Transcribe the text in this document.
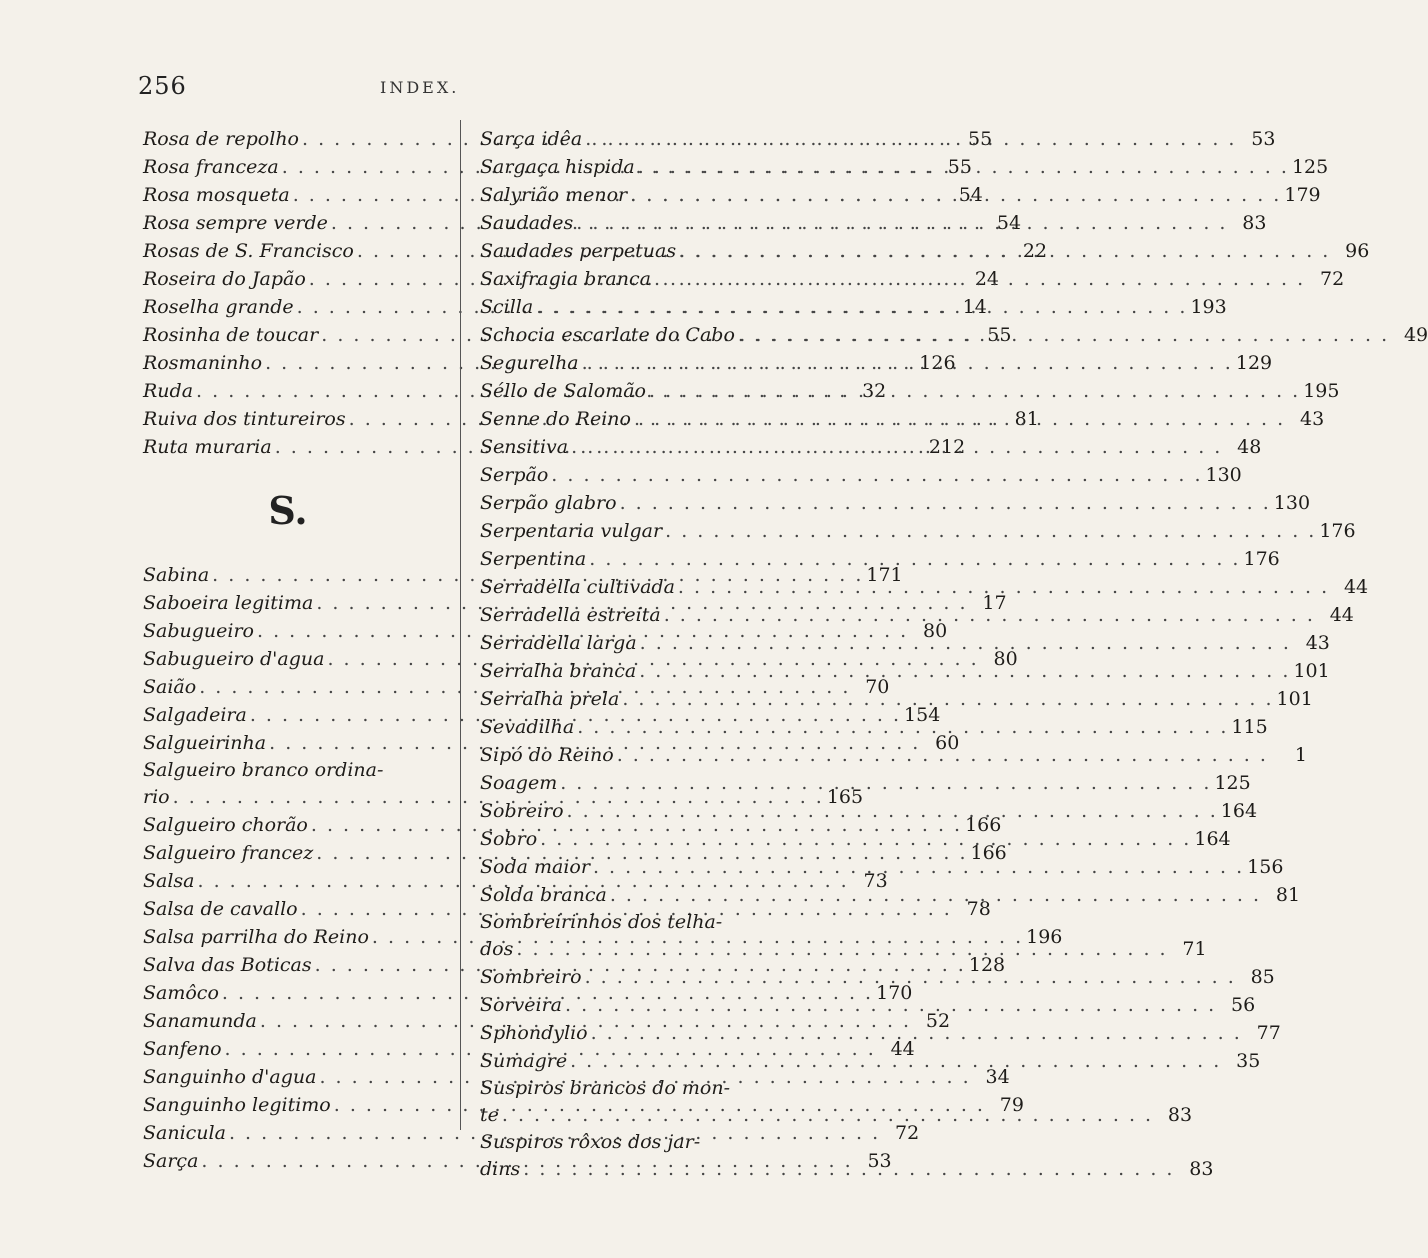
256	INDEX.
Rosa de repolho . . .	55
Rosa franceza . . .	55
Rosa mosqueta . . .	54
Rosa sempre verde . . .	54
Rosas de S. Francisco . . .	22
Roseira do Japão . . .	24
Roselha grande . . .	14
Rosinha de toucar . . .	55
Rosmaninho . . .	126
Ruda . . .	32
Ruiva dos tintureiros . . .	81
Ruta muraria . . .	212
S.
Sabina . . .	171
Saboeira legitima . . .	17
Sabugueiro . . .	80
Sabugueiro d'agua . . .	80
Saião . . .	70
Salgadeira . . .	154
Salgueirinha . . .	60
Salgueiro branco ordina-
rio . . .	165
Salgueiro chorão . . .	166
Salgueiro francez . . .	166
Salsa . . .	73
Salsa de cavallo . . .	78
Salsa parrilha do Reino . . .	196
Salva das Boticas . . .	128
Samôco . . .	170
Sanamunda . . .	52
Sanfeno . . .	44
Sanguinho d'agua . . .	34
Sanguinho legitimo . . .	79
Sanicula . . .	72
Sarça . . .	53
Sarça idêa . . .	53
Sargaça hispida . . .	125
Salyrião menor . . .	179
Saudades . . .	83
Saudades perpetuas . . .	96
Saxifragia branca . . .	72
Scilla . . .	193
Schocia escarlate do Cabo . . .	49
Segurelha . . .	129
Séllo de Salomão . . .	195
Senne do Reino . . .	43
Sensitiva . . .	48
Serpão . . .	130
Serpão glabro . . .	130
Serpentaria vulgar . . .	176
Serpentina . . .	176
Serradella cultivada . . .	44
Serradella estreita . . .	44
Serradella larga . . .	43
Serralha branca . . .	101
Serralha prela . . .	101
Sevadilha . . .	115
Sipó do Reino . . .	1
Soagem . . .	125
Sobreiro . . .	164
Sobro . . .	164
Soda maior . . .	156
Solda branca . . .	81
Sombreirinhos dos telha-
dos . . .	71
Sombreiro . . .	85
Sorveira . . .	56
Sphondylio . . .	77
Sumagre . . .	35
Suspiros brancos do mon-
te . . .	83
Suspiros rôxos dos jar-
dins . . .	83
